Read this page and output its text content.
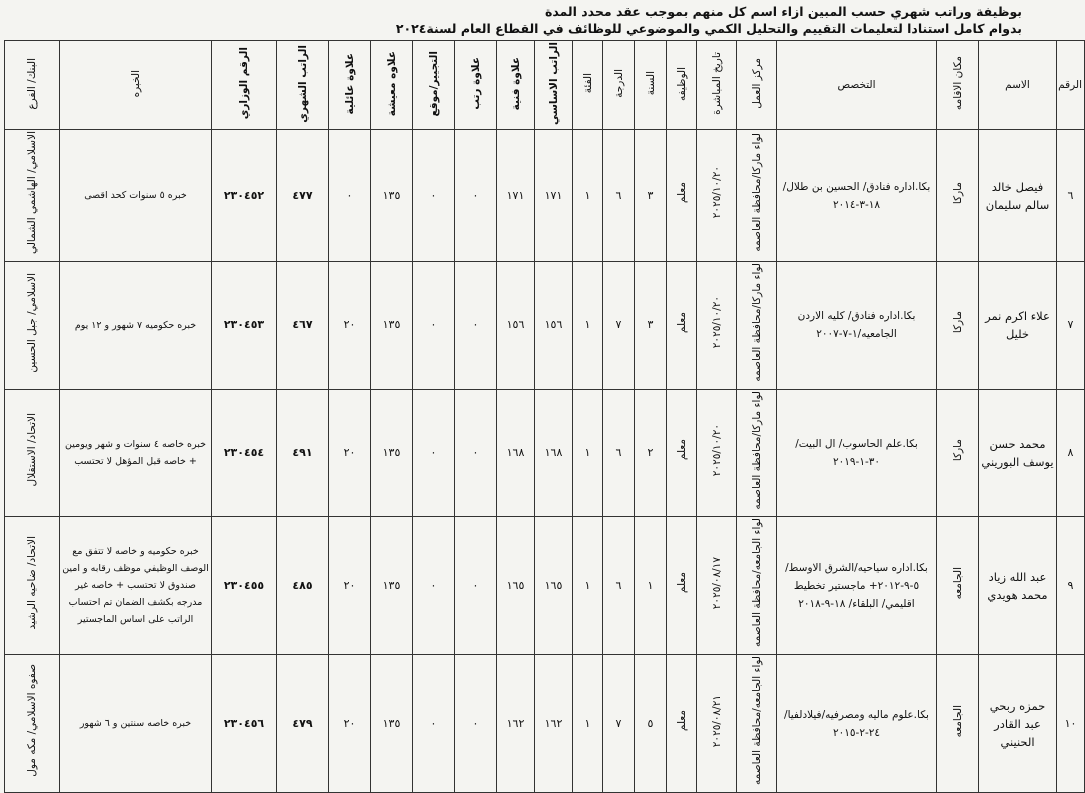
بوظيفة وراتب شهري حسب المبين ازاء اسم كل منهم بموجب عقد محدد المدة
بدوام كامل استنادا لتعليمات التقييم والتحليل الكمي والموضوعي للوظائف في القطاع العام لسنة٢٠٢٤
الرقم	الاسم	مكان الاقامه	التخصص	مركز العمل	تاريخ المباشرة	الوظيفه	السنة	الدرجة	الفئة	الراتب الاساسي	علاوة فنية	علاوة رتب	التجيير/موقع	علاوه معيشة	علاوة عائلية	الراتب الشهري	الرقم الوزاري	الخبره	البنك/ الفرع
٦	فيصل خالد سالم سليمان	ماركا	بكا.اداره فنادق/ الحسين بن طلال/ ١٨-٣-٢٠١٤	لواء ماركا/محافظة العاصمه	٢٠٢٥/١٠/٢٠	معلم	٣	٦	١	١٧١	١٧١	٠	٠	١٣٥	٠	٤٧٧	٢٣٠٤٥٢	خبره ٥ سنوات كحد اقصى	الاسلامي/ الهاشمي الشمالي
٧	علاء اكرم نمر خليل	ماركا	بكا.اداره فنادق/ كليه الاردن الجامعيه/١-٧-٢٠٠٧	لواء ماركا/محافظة العاصمه	٢٠٢٥/١٠/٢٠	معلم	٣	٧	١	١٥٦	١٥٦	٠	٠	١٣٥	٢٠	٤٦٧	٢٣٠٤٥٣	خبره حكوميه ٧ شهور و ١٢ يوم	الاسلامي/ جبل الحسين
٨	محمد حسن يوسف البوريني	ماركا	بكا.علم الحاسوب/ ال البيت/ ٣٠-١-٢٠١٩	لواء ماركا/محافظة العاصمه	٢٠٢٥/١٠/٢٠	معلم	٢	٦	١	١٦٨	١٦٨	٠	٠	١٣٥	٢٠	٤٩١	٢٣٠٤٥٤	خبره خاصه ٤ سنوات و شهر ويومين + خاصه قبل المؤهل لا تحتسب	الاتحاد/ الاستقلال
٩	عبد الله زياد محمد هويدي	الجامعه	بكا.اداره سياحيه/الشرق الاوسط/٥-٩-٢٠١٢+ ماجستير تخطيط اقليمي/ البلقاء/ ١٨-٩-٢٠١٨	لواء الجامعه/محافظة العاصمه	٢٠٢٥/٠٨/١٧	معلم	١	٦	١	١٦٥	١٦٥	٠	٠	١٣٥	٢٠	٤٨٥	٢٣٠٤٥٥	خبره حكوميه و خاصه لا تتفق مع الوصف الوظيفي موظف رقابه و امين صندوق لا تحتسب + خاصه غير مدرجه بكشف الضمان تم احتساب الراتب على اساس الماجستير	الاتحاد/ ضاحيه الرشيد
١٠	حمزه ربحي عبد القادر الحنيني	الجامعه	بكا.علوم ماليه ومصرفيه/فيلادلفيا/٢٤-٢-٢٠١٥	لواء الجامعه/محافظة العاصمه	٢٠٢٥/٠٨/٢١	معلم	٥	٧	١	١٦٢	١٦٢	٠	٠	١٣٥	٢٠	٤٧٩	٢٣٠٤٥٦	خبره خاصه سنتين و ٦ شهور	صفوه الاسلامي/ مكه مول
